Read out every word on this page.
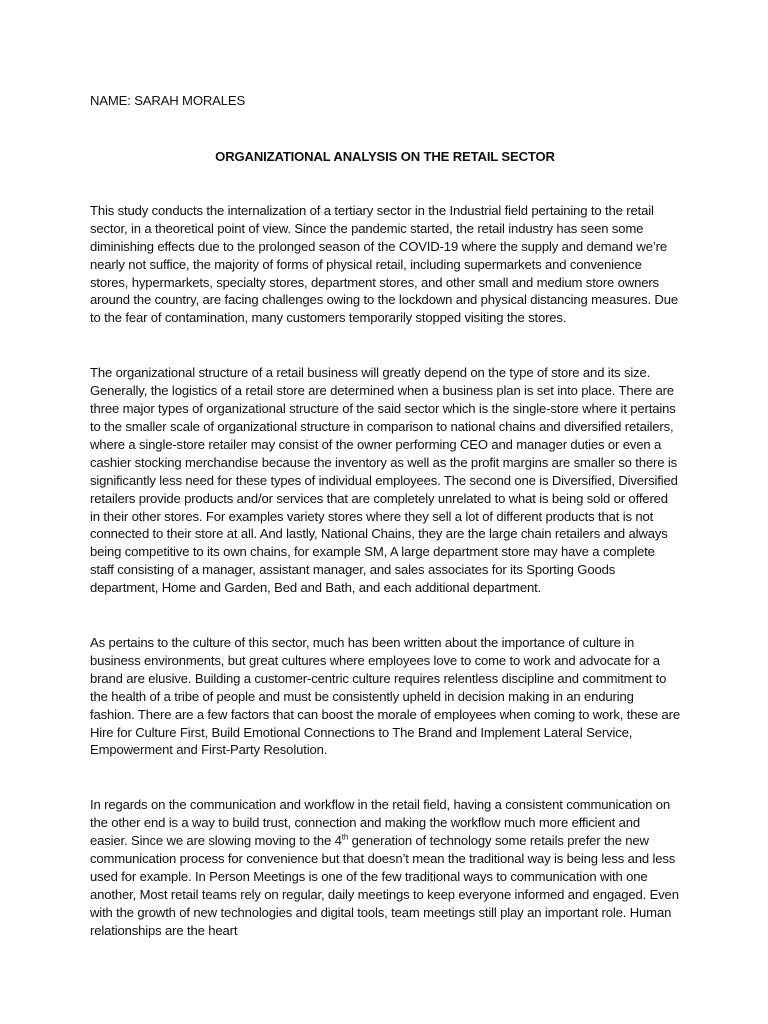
NAME: SARAH MORALES

ORGANIZATIONAL ANALYSIS ON THE RETAIL SECTOR

This study conducts the internalization of a tertiary sector in the Industrial field pertaining to the retail sector, in a theoretical point of view. Since the pandemic started, the retail industry has seen some diminishing effects due to the prolonged season of the COVID-19 where the supply and demand we’re nearly not suffice, the majority of forms of physical retail, including supermarkets and convenience stores, hypermarkets, specialty stores, department stores, and other small and medium store owners around the country, are facing challenges owing to the lockdown and physical distancing measures. Due to the fear of contamination, many customers temporarily stopped visiting the stores.

The organizational structure of a retail business will greatly depend on the type of store and its size. Generally, the logistics of a retail store are determined when a business plan is set into place. There are three major types of organizational structure of the said sector which is the single-store where it pertains to the smaller scale of organizational structure in comparison to national chains and diversified retailers, where a single-store retailer may consist of the owner performing CEO and manager duties or even a cashier stocking merchandise because the inventory as well as the profit margins are smaller so there is significantly less need for these types of individual employees. The second one is Diversified, Diversified retailers provide products and/or services that are completely unrelated to what is being sold or offered in their other stores. For examples variety stores where they sell a lot of different products that is not connected to their store at all. And lastly, National Chains, they are the large chain retailers and always being competitive to its own chains, for example SM, A large department store may have a complete staff consisting of a manager, assistant manager, and sales associates for its Sporting Goods department, Home and Garden, Bed and Bath, and each additional department.

As pertains to the culture of this sector, much has been written about the importance of culture in business environments, but great cultures where employees love to come to work and advocate for a brand are elusive. Building a customer-centric culture requires relentless discipline and commitment to the health of a tribe of people and must be consistently upheld in decision making in an enduring fashion. There are a few factors that can boost the morale of employees when coming to work, these are Hire for Culture First, Build Emotional Connections to The Brand and Implement Lateral Service, Empowerment and First-Party Resolution.

In regards on the communication and workflow in the retail field, having a consistent communication on the other end is a way to build trust, connection and making the workflow much more efficient and easier. Since we are slowing moving to the 4th generation of technology some retails prefer the new communication process for convenience but that doesn’t mean the traditional way is being less and less used for example. In Person Meetings is one of the few traditional ways to communication with one another, Most retail teams rely on regular, daily meetings to keep everyone informed and engaged. Even with the growth of new technologies and digital tools, team meetings still play an important role. Human relationships are the heart
